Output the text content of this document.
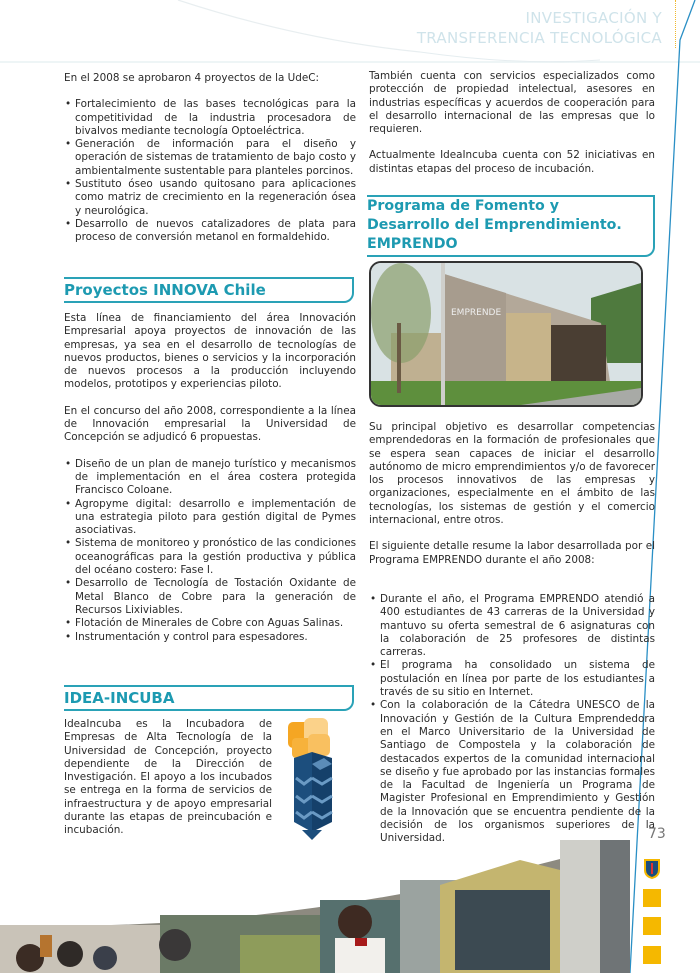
INVESTIGACIÓN Y
TRANSFERENCIA TECNOLÓGICA

En el 2008 se aprobaron 4 proyectos de la UdeC:

• Fortalecimiento de las bases tecnológicas para la competitividad de la industria procesadora de bivalvos mediante tecnología Optoeléctrica.
• Generación de información para el diseño y operación de sistemas de tratamiento de bajo costo y ambientalmente sustentable para planteles porcinos.
• Sustituto óseo usando quitosano para aplicaciones como matriz de crecimiento en la regeneración ósea y neurológica.
• Desarrollo de nuevos catalizadores de plata para proceso de conversión metanol en formaldehido.
Proyectos INNOVA Chile

Esta línea de financiamiento del área Innovación Empresarial apoya proyectos de innovación de las empresas, ya sea en el desarrollo de tecnologías de nuevos productos, bienes o servicios y la incorporación de nuevos procesos a la producción incluyendo modelos, prototipos y experiencias piloto.

En el concurso del año 2008, correspondiente a la línea de Innovación empresarial la Universidad de Concepción se adjudicó 6 propuestas.

• Diseño de un plan de manejo turístico y mecanismos de implementación en el área costera protegida Francisco Coloane.
• Agropyme digital: desarrollo e implementación de una estrategia piloto para gestión digital de Pymes asociativas.
• Sistema de monitoreo y pronóstico de las condiciones oceanográficas para la gestión productiva y pública del océano costero: Fase I.
• Desarrollo de Tecnología de Tostación Oxidante de Metal Blanco de Cobre para la generación de Recursos Lixiviables.
• Flotación de Minerales de Cobre con Aguas Salinas.
• Instrumentación y control para espesadores.
IDEA-INCUBA

IdeaIncuba es la Incubadora de Empresas de Alta Tecnología de la Universidad de Concepción, proyecto dependiente de la Dirección de Investigación. El apoyo a los incubados se entrega en la forma de servicios de infraestructura y de apoyo empresarial durante las etapas de preincubación e incubación.

También cuenta con servicios especializados como protección de propiedad intelectual, asesores en industrias específicas y acuerdos de cooperación para el desarrollo internacional de las empresas que lo requieren.

Actualmente IdeaIncuba cuenta con 52 iniciativas en distintas etapas del proceso de incubación.

Programa de Fomento y
Desarrollo del Emprendimiento.
EMPRENDO
EMPRENDE

Su principal objetivo es desarrollar competencias emprendedoras en la formación de profesionales que se espera sean capaces de iniciar el desarrollo autónomo de micro emprendimientos y/o de favorecer los procesos innovativos de las empresas y organizaciones, especialmente en el ámbito de las tecnologías, los sistemas de gestión y el comercio internacional, entre otros.

El siguiente detalle resume la labor desarrollada por el Programa EMPRENDO durante el año 2008:

• Durante el año, el Programa EMPRENDO atendió a 400 estudiantes de 43 carreras de la Universidad y mantuvo su oferta semestral de 6 asignaturas con la colaboración de 25 profesores de distintas carreras.
• El programa ha consolidado un sistema de postulación en línea por parte de los estudiantes a través de su sitio en Internet.
• Con la colaboración de la Cátedra UNESCO de la Innovación y Gestión de la Cultura Emprendedora en el Marco Universitario de la Universidad de Santiago de Compostela y la colaboración de destacados expertos de la comunidad internacional se diseño y fue aprobado por las instancias formales de la Facultad de Ingeniería un Programa de Magister Profesional en Emprendimiento y Gestión de la Innovación que se encuentra pendiente de la decisión de los organismos superiores de la Universidad.	73
